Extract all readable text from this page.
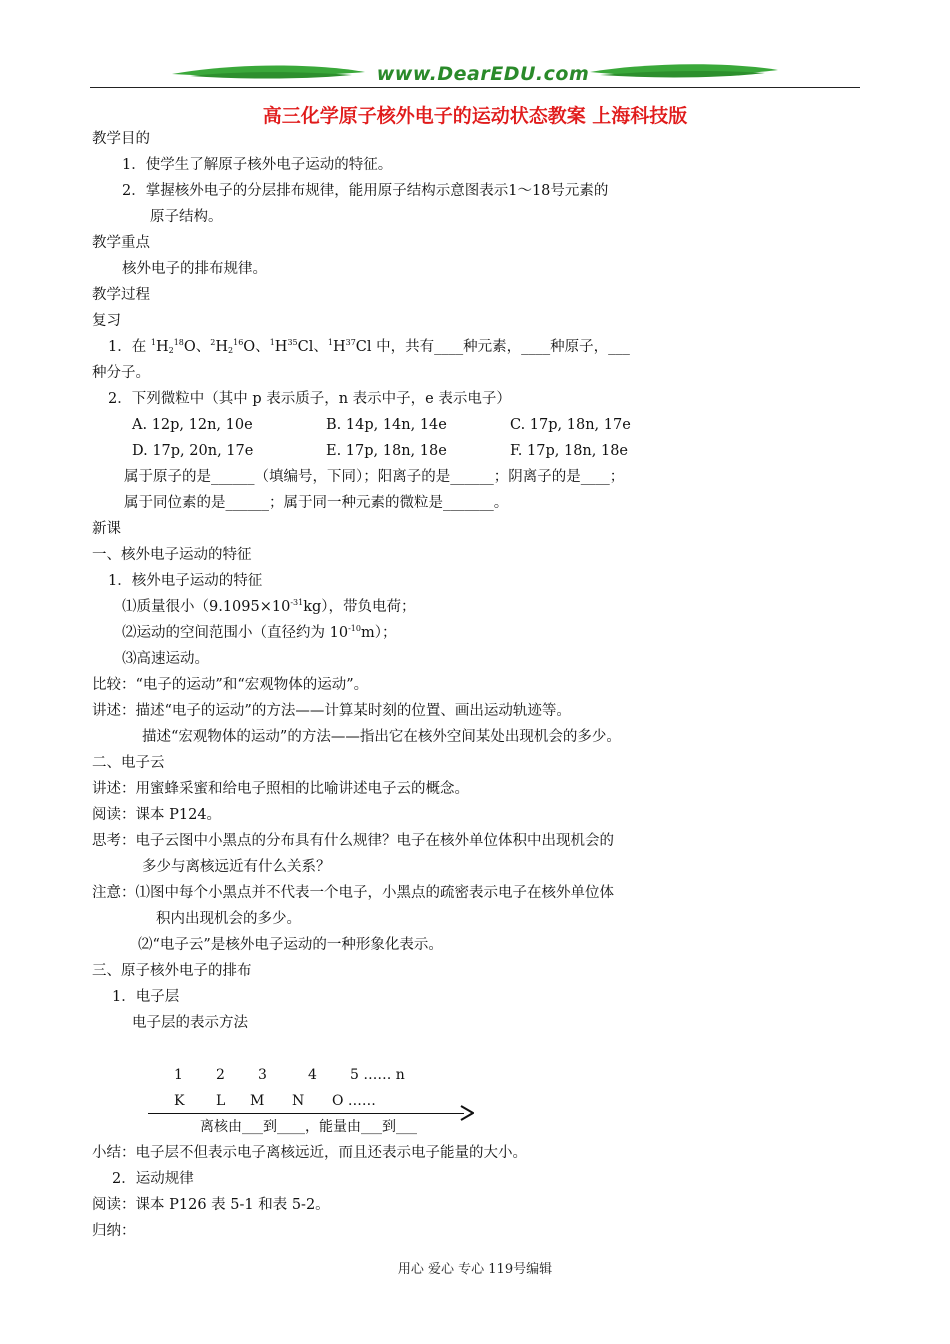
www.DearEDU.com
高三化学原子核外电子的运动状态教案 上海科技版
教学目的
1．使学生了解原子核外电子运动的特征。
2．掌握核外电子的分层排布规律，能用原子结构示意图表示1～18号元素的
原子结构。
教学重点
核外电子的排布规律。
教学过程
复习
1．在 $^1H_2^{18}O$、$^2H_2^{16}O$、$^1H^{35}Cl$、$^1H^{37}Cl$ 中，共有____种元素，____种原子，___
种分子。
2．下列微粒中（其中 p 表示质子，n 表示中子，e 表示电子）
A. 12p, 12n, 10e	B. 14p, 14n, 14e	C. 17p, 18n, 17e
D. 17p, 20n, 17e	E. 17p, 18n, 18e	F. 17p, 18n, 18e
属于原子的是______（填编号，下同）；阳离子的是______；阴离子的是____；
属于同位素的是______；属于同一种元素的微粒是_______。
新课
一、核外电子运动的特征
1．核外电子运动的特征
⑴质量很小$(9.1095\times 10^{-31}kg)$，带负电荷；
⑵运动的空间范围小（直径约为 $10^{-10}m$）；
⑶高速运动。
比较：“电子的运动”和“宏观物体的运动”。
讲述：描述“电子的运动”的方法——计算某时刻的位置、画出运动轨迹等。
描述“宏观物体的运动”的方法——指出它在核外空间某处出现机会的多少。
二、电子云
讲述：用蜜蜂采蜜和给电子照相的比喻讲述电子云的概念。
阅读：课本 P124。
思考：电子云图中小黑点的分布具有什么规律？电子在核外单位体积中出现机会的
多少与离核远近有什么关系？
注意：⑴图中每个小黑点并不代表一个电子，小黑点的疏密表示电子在核外单位体
积内出现机会的多少。
⑵“电子云”是核外电子运动的一种形象化表示。
三、原子核外电子的排布
1．电子层
电子层的表示方法
1 2 3	4 5 …… n
K L M N O ……
离核由___到____，能量由___到___
小结：电子层不但表示电子离核远近，而且还表示电子能量的大小。
2．运动规律
阅读：课本 P126 表 5-1 和表 5-2。
归纳：
用心 爱心 专心 119号编辑
